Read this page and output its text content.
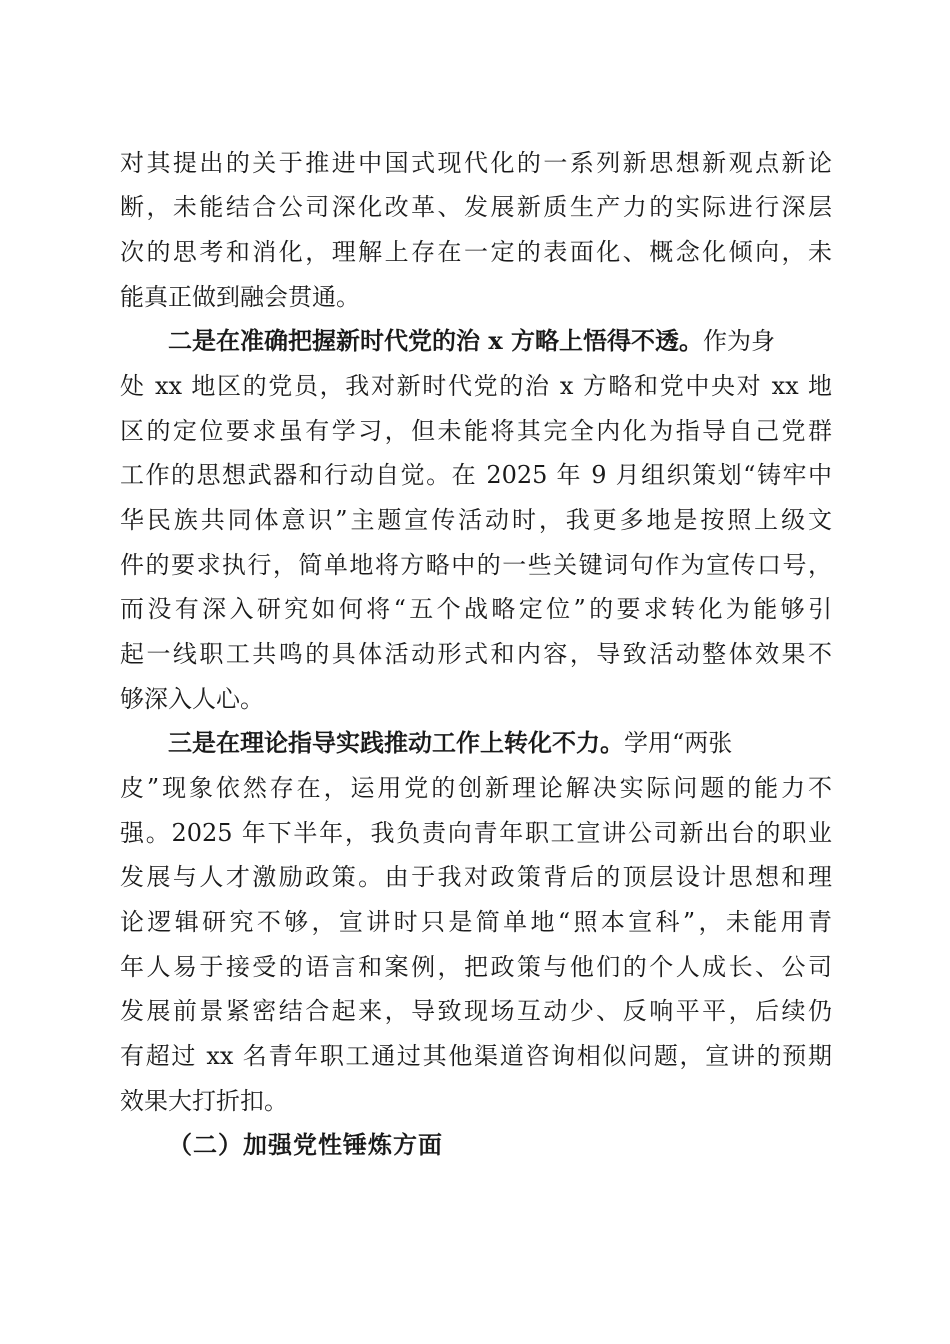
对其提出的关于推进中国式现代化的一系列新思想新观点新论
断，未能结合公司深化改革、发展新质生产力的实际进行深层
次的思考和消化，理解上存在一定的表面化、概念化倾向，未
能真正做到融会贯通。
二是在准确把握新时代党的治 x 方略上悟得不透。作为身
处 xx 地区的党员，我对新时代党的治 x 方略和党中央对 xx 地
区的定位要求虽有学习，但未能将其完全内化为指导自己党群
工作的思想武器和行动自觉。在 2025 年 9 月组织策划“铸牢中
华民族共同体意识”主题宣传活动时，我更多地是按照上级文
件的要求执行，简单地将方略中的一些关键词句作为宣传口号，
而没有深入研究如何将“五个战略定位”的要求转化为能够引
起一线职工共鸣的具体活动形式和内容，导致活动整体效果不
够深入人心。
三是在理论指导实践推动工作上转化不力。学用“两张
皮”现象依然存在，运用党的创新理论解决实际问题的能力不
强。2025 年下半年，我负责向青年职工宣讲公司新出台的职业
发展与人才激励政策。由于我对政策背后的顶层设计思想和理
论逻辑研究不够，宣讲时只是简单地“照本宣科”，未能用青
年人易于接受的语言和案例，把政策与他们的个人成长、公司
发展前景紧密结合起来，导致现场互动少、反响平平，后续仍
有超过 xx 名青年职工通过其他渠道咨询相似问题，宣讲的预期
效果大打折扣。
（二）加强党性锤炼方面
